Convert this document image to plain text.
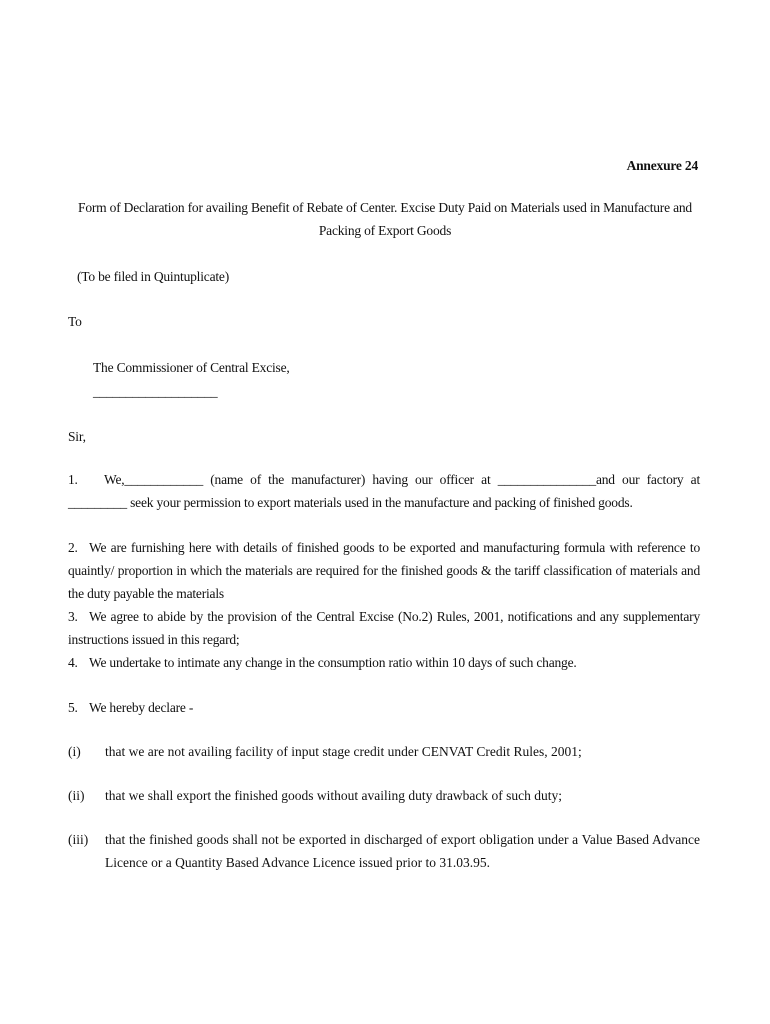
Annexure 24
Form of Declaration for availing Benefit of Rebate of Center. Excise Duty Paid on Materials used in Manufacture and Packing of Export Goods
(To be filed in Quintuplicate)
To
The Commissioner of Central Excise,
___________________
Sir,
1. We,____________ (name of the manufacturer) having our officer at _______________and our factory at _________ seek your permission to export materials used in the manufacture and packing of finished goods.
2. We are furnishing here with details of finished goods to be exported and manufacturing formula with reference to quaintly/ proportion in which the materials are required for the finished goods & the tariff classification of materials and the duty payable the materials
3. We agree to abide by the provision of the Central Excise (No.2) Rules, 2001, notifications and any supplementary instructions issued in this regard;
4. We undertake to intimate any change in the consumption ratio within 10 days of such change.
5. We hereby declare -
(i) that we are not availing facility of input stage credit under CENVAT Credit Rules, 2001;
(ii) that we shall export the finished goods without availing duty drawback of such duty;
(iii) that the finished goods shall not be exported in discharged of export obligation under a Value Based Advance Licence or a Quantity Based Advance Licence issued prior to 31.03.95.
